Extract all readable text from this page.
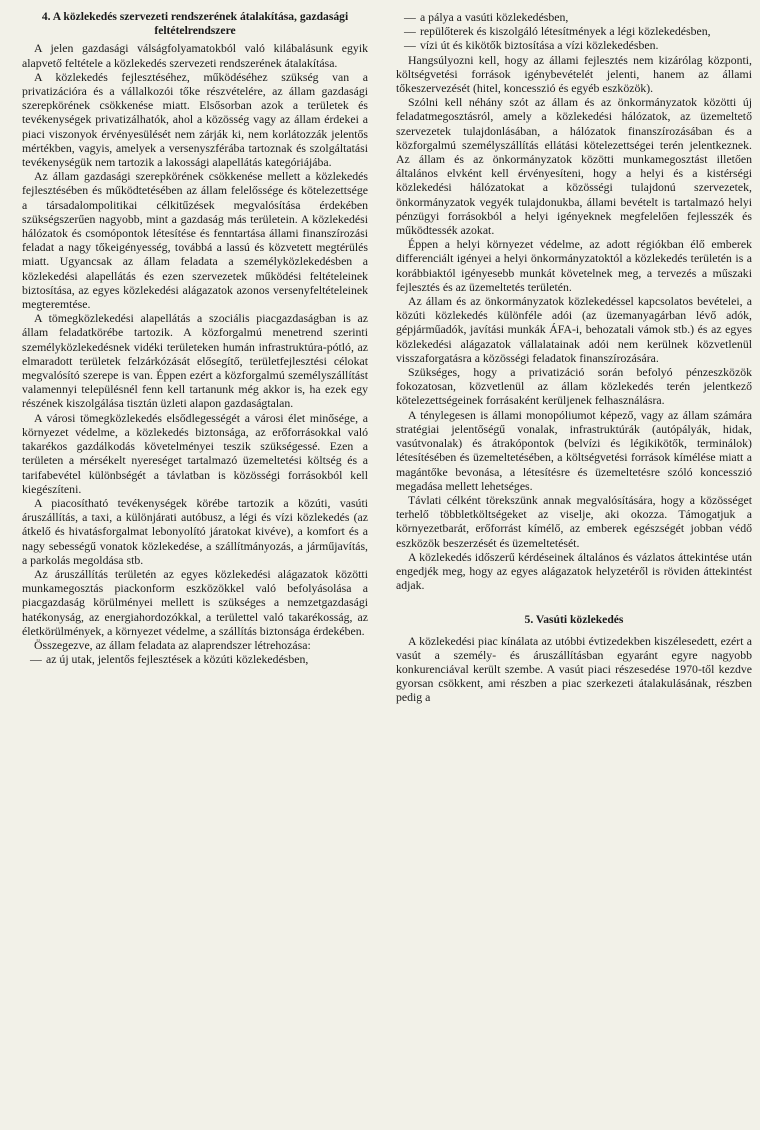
4. A közlekedés szervezeti rendszerének átalakítása, gazdasági feltételrendszere

A jelen gazdasági válságfolyamatokból való kilábalásunk egyik alapvető feltétele a közlekedés szervezeti rendszerének átalakítása.

A közlekedés fejlesztéséhez, működéséhez szükség van a privatizációra és a vállalkozói tőke részvételére, az állam gazdasági szerepkörének csökkenése miatt. Elsősorban azok a területek és tevékenységek privatizálhatók, ahol a közösség vagy az állam érdekei a piaci viszonyok érvényesülését nem zárják ki, nem korlátozzák jelentős mértékben, vagyis, amelyek a versenyszférába tartoznak és szolgáltatási tevékenységük nem tartozik a lakossági alapellátás kategóriájába.

Az állam gazdasági szerepkörének csökkenése mellett a közlekedés fejlesztésében és működtetésében az állam felelőssége és kötelezettsége a társadalompolitikai célkitűzések megvalósítása érdekében szükségszerűen nagyobb, mint a gazdaság más területein. A közlekedési hálózatok és csomópontok létesítése és fenntartása állami finanszírozási feladat a nagy tőkeigényesség, továbbá a lassú és közvetett megtérülés miatt. Ugyancsak az állam feladata a személyközlekedésben a közlekedési alapellátás és ezen szervezetek működési feltételeinek biztosítása, az egyes közlekedési alágazatok azonos versenyfeltételeinek megteremtése.

A tömegközlekedési alapellátás a szociális piacgazdaságban is az állam feladatkörébe tartozik. A közforgalmú menetrend szerinti személyközlekedésnek vidéki területeken humán infrastruktúra-pótló, az elmaradott területek felzárkózását elősegítő, területfejlesztési célokat megvalósító szerepe is van. Éppen ezért a közforgalmú személyszállítást valamennyi településnél fenn kell tartanunk még akkor is, ha ezek egy részének kiszolgálása tisztán üzleti alapon gazdaságtalan.

A városi tömegközlekedés elsődlegességét a városi élet minősége, a környezet védelme, a közlekedés biztonsága, az erőforrásokkal való takarékos gazdálkodás követelményei teszik szükségessé. Ezen a területen a mérsékelt nyereséget tartalmazó üzemeltetési költség és a tarifabevétel különbségét a távlatban is közösségi forrásokból kell kiegészíteni.

A piacosítható tevékenységek körébe tartozik a közúti, vasúti áruszállítás, a taxi, a különjárati autóbusz, a légi és vízi közlekedés (az átkelő és hivatásforgalmat lebonyolító járatokat kivéve), a komfort és a nagy sebességű vonatok közlekedése, a szállítmányozás, a járműjavítás, a parkolás megoldása stb.

Az áruszállítás területén az egyes közlekedési alágazatok közötti munkamegosztás piackonform eszközökkel való befolyásolása a piacgazdaság körülményei mellett is szükséges a nemzetgazdasági hatékonyság, az energiahordozókkal, a területtel való takarékosság, az életkörülmények, a környezet védelme, a szállítás biztonsága érdekében.

Összegezve, az állam feladata az alaprendszer létrehozása:

— az új utak, jelentős fejlesztések a közúti közlekedésben,
— a pálya a vasúti közlekedésben,
— repülőterek és kiszolgáló létesítmények a légi közlekedésben,
— vízi út és kikötők biztosítása a vízi közlekedésben.

Hangsúlyozni kell, hogy az állami fejlesztés nem kizárólag központi, költségvetési források igénybevételét jelenti, hanem az állami tőkeszervezését (hitel, koncesszió és egyéb eszközök).

Szólni kell néhány szót az állam és az önkormányzatok közötti új feladatmegosztásról, amely a közlekedési hálózatok, az üzemeltető szervezetek tulajdonlásában, a hálózatok finanszírozásában és a közforgalmú személyszállítás ellátási kötelezettségei terén jelentkeznek. Az állam és az önkormányzatok közötti munkamegosztást illetően általános elvként kell érvényesíteni, hogy a helyi és a kistérségi közlekedési hálózatokat a közösségi tulajdonú szervezetek, önkormányzatok vegyék tulajdonukba, állami bevételt is tartalmazó helyi pénzügyi forrásokból a helyi igényeknek megfelelően fejlesszék és működtessék azokat.

Éppen a helyi környezet védelme, az adott régiókban élő emberek differenciált igényei a helyi önkormányzatoktól a közlekedés területén is a korábbiaktól igényesebb munkát követelnek meg, a tervezés a műszaki fejlesztés és az üzemeltetés területén.

Az állam és az önkormányzatok közlekedéssel kapcsolatos bevételei, a közúti közlekedés különféle adói (az üzemanyagárban lévő adók, gépjárműadók, javítási munkák ÁFA-i, behozatali vámok stb.) és az egyes közlekedési alágazatok vállalatainak adói nem kerülnek közvetlenül visszaforgatásra a közösségi feladatok finanszírozására.

Szükséges, hogy a privatizáció során befolyó pénzeszközök fokozatosan, közvetlenül az állam közlekedés terén jelentkező kötelezettségeinek forrásaként kerüljenek felhasználásra.

A ténylegesen is állami monopóliumot képező, vagy az állam számára stratégiai jelentőségű vonalak, infrastruktúrák (autópályák, hidak, vasútvonalak) és átrakópontok (belvízi és légikikötők, terminálok) létesítésében és üzemeltetésében, a költségvetési források kímélése miatt a magántőke bevonása, a létesítésre és üzemeltetésre szóló koncesszió megadása mellett lehetséges.

Távlati célként törekszünk annak megvalósítására, hogy a közösséget terhelő többletköltségeket az viselje, aki okozza. Támogatjuk a környezetbarát, erőforrást kímélő, az emberek egészségét jobban védő eszközök beszerzését és üzemeltetését.

A közlekedés időszerű kérdéseinek általános és vázlatos áttekintése után engedjék meg, hogy az egyes alágazatok helyzetéről is röviden áttekintést adjak.

5. Vasúti közlekedés

A közlekedési piac kínálata az utóbbi évtizedekben kiszélesedett, ezért a vasút a személy- és áruszállításban egyaránt egyre nagyobb konkurenciával került szembe. A vasút piaci részesedése 1970-től kezdve gyorsan csökkent, ami részben a piac szerkezeti átalakulásának, részben pedig a
